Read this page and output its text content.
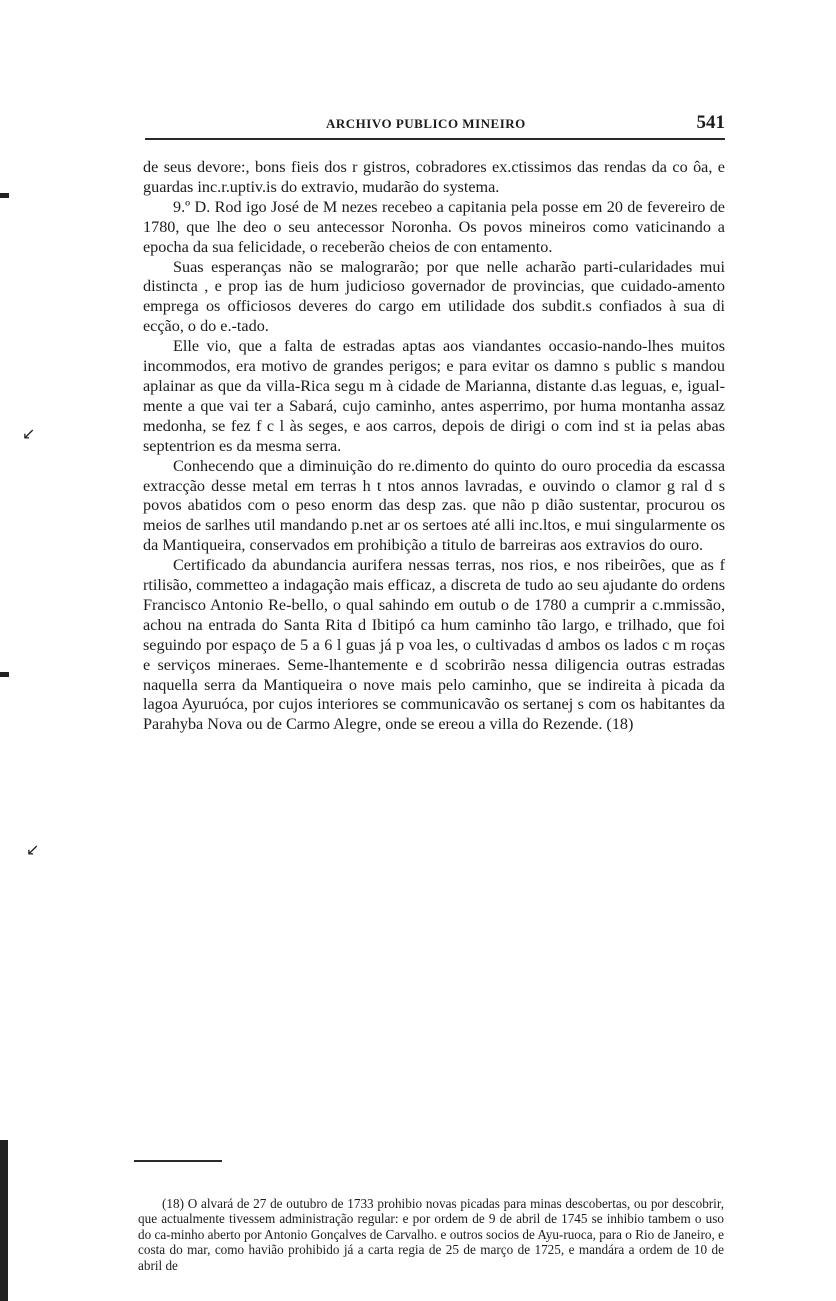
↙
↙
ARCHIVO PUBLICO MINEIRO	541

de seus devore:, bons fieis dos r gistros, cobradores ex.ctissimos das rendas da co ôa, e guardas inc.r.uptiv.is do extravio, mudarão do systema.

9.º D. Rod igo José de M nezes recebeo a capitania pela posse em 20 de fevereiro de 1780, que lhe deo o seu antecessor Noronha. Os povos mineiros como vaticinando a epocha da sua felicidade, o receberão cheios de con entamento.

Suas esperanças não se malograrão; por que nelle acharão parti-cularidades mui distincta , e prop ias de hum judicioso governador de provincias, que cuidado-amento emprega os officiosos deveres do cargo em utilidade dos subdit.s confiados à sua di ecção, o do e.-tado.

Elle vio, que a falta de estradas aptas aos viandantes occasio-nando-lhes muitos incommodos, era motivo de grandes perigos; e para evitar os damno s public s mandou aplainar as que da villa-Rica segu m à cidade de Marianna, distante d.as leguas, e, igual-mente a que vai ter a Sabará, cujo caminho, antes asperrimo, por huma montanha assaz medonha, se fez f c l às seges, e aos carros, depois de dirigi o com ind st ia pelas abas septentrion es da mesma serra.

Conhecendo que a diminuição do re.dimento do quinto do ouro procedia da escassa extracção desse metal em terras h t ntos annos lavradas, e ouvindo o clamor g ral d s povos abatidos com o peso enorm das desp zas. que não p dião sustentar, procurou os meios de sarlhes util mandando p.net ar os sertoes até alli inc.ltos, e mui singularmente os da Mantiqueira, conservados em prohibição a titulo de barreiras aos extravios do ouro.

Certificado da abundancia aurifera nessas terras, nos rios, e nos ribeirões, que as f rtilisão, commetteo a indagação mais efficaz, a discreta de tudo ao seu ajudante do ordens Francisco Antonio Re-bello, o qual sahindo em outub o de 1780 a cumprir a c.mmissão, achou na entrada do Santa Rita d Ibitipó ca hum caminho tão largo, e trilhado, que foi seguindo por espaço de 5 a 6 l guas já p voa les, o cultivadas d ambos os lados c m roças e serviços mineraes. Seme-lhantemente e d scobrirão nessa diligencia outras estradas naquella serra da Mantiqueira o nove mais pelo caminho, que se indireita à picada da lagoa Ayuruóca, por cujos interiores se communicavão os sertanej s com os habitantes da Parahyba Nova ou de Carmo Alegre, onde se ereou a villa do Rezende. (18)

(18) O alvará de 27 de outubro de 1733 prohibio novas picadas para minas descobertas, ou por descobrir, que actualmente tivessem administração regular: e por ordem de 9 de abril de 1745 se inhibio tambem o uso do ca-minho aberto por Antonio Gonçalves de Carvalho. e outros socios de Ayu-ruoca, para o Rio de Janeiro, e costa do mar, como havião prohibido já a carta regia de 25 de março de 1725, e mandára a ordem de 10 de abril de
